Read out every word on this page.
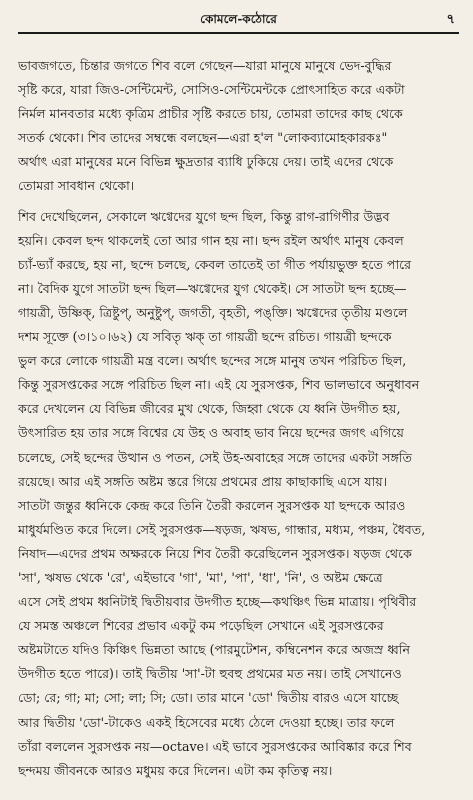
কোমলে-কঠোরে	৭

ভাবজগতে, চিন্তার জগতে শিব বলে গেছেন—যারা মানুষে মানুষে ভেদ-বুদ্ধির
সৃষ্টি করে, যারা জিও-সেন্টিমেন্ট, সোসিও-সেন্টিমেন্টকে প্রোৎসাহিত করে একটা
নির্মল মানবতার মধ্যে কৃত্রিম প্রাচীর সৃষ্টি করতে চায়, তোমরা তাদের কাছ থেকে
সতর্ক থেকো। শিব তাদের সম্বন্ধে বলছেন—এরা হ'ল "লোকব্যামোহকারকঃ"
অর্থাৎ এরা মানুষের মনে বিভিন্ন ক্ষুদ্রতার ব্যাধি ঢুকিয়ে দেয়। তাই এদের থেকে
তোমরা সাবধান থেকো।

শিব দেখেছিলেন, সেকালে ঋগ্বেদের যুগে ছন্দ ছিল, কিন্তু রাগ-রাগিণীর উদ্ভব
হয়নি। কেবল ছন্দ থাকলেই তো আর গান হয় না। ছন্দ রইল অর্থাৎ মানুষ কেবল
চ্যাঁ-ভ্যাঁ করছে, হয় না, ছন্দে চলছে, কেবল তাতেই তা গীত পর্যায়ভুক্ত হতে পারে
না। বৈদিক যুগে সাতটা ছন্দ ছিল—ঋগ্বেদের যুগ থেকেই। সে সাতটা ছন্দ হচ্ছে—
গায়ত্রী, উষ্ণিক্, ত্রিষ্টুপ্, অনুষ্টুপ্, জগতী, বৃহতী, পঙ্‌ক্তি। ঋগ্বেদের তৃতীয় মণ্ডলে
দশম সূক্তে (৩।১০।৬২) যে সবিতৃ ঋক্ তা গায়ত্রী ছন্দে রচিত। গায়ত্রী ছন্দকে
ভুল করে লোকে গায়ত্রী মন্ত্র বলে। অর্থাৎ ছন্দের সঙ্গে মানুষ তখন পরিচিত ছিল,
কিন্তু সুরসপ্তকের সঙ্গে পরিচিত ছিল না। এই যে সুরসপ্তক, শিব ভালভাবে অনুধাবন
করে দেখলেন যে বিভিন্ন জীবের মুখ থেকে, জিহ্বা থেকে যে ধ্বনি উদগীত হয়,
উৎসারিত হয় তার সঙ্গে বিশ্বের যে উহ ও অবাহ ভাব নিয়ে ছন্দের জগৎ এগিয়ে
চলেছে, সেই ছন্দের উত্থান ও পতন, সেই উহ-অবাহের সঙ্গে তাদের একটা সঙ্গতি
রয়েছে। আর এই সঙ্গতি অষ্টম স্তরে গিয়ে প্রথমের প্রায় কাছাকাছি এসে যায়।
সাতটা জন্তুর ধ্বনিকে কেন্দ্র করে তিনি তৈরী করলেন সুরসপ্তক যা ছন্দকে আরও
মাধুর্যমণ্ডিত করে দিলে। সেই সুরসপ্তক—ষড়জ, ঋষভ, গান্ধার, মধ্যম, পঞ্চম, ধৈবত,
নিষাদ—এদের প্রথম অক্ষরকে নিয়ে শিব তৈরী করেছিলেন সুরসপ্তক। ষড়জ থেকে
'সা', ঋষভ থেকে 'রে', এইভাবে 'গা', 'মা', 'পা', 'ধা', 'নি', ও অষ্টম ক্ষেত্রে
এসে সেই প্রথম ধ্বনিটাই দ্বিতীয়বার উদগীত হচ্ছে—কথঞ্চিৎ ভিন্ন মাত্রায়। পৃথিবীর
যে সমস্ত অঞ্চলে শিবের প্রভাব একটু কম পড়েছিল সেখানে এই সুরসপ্তকের
অষ্টমটাতে যদিও কিঞ্চিৎ ভিন্নতা আছে (পারমুটেশন, কম্বিনেশন করে অজস্র ধ্বনি
উদগীত হতে পারে)। তাই দ্বিতীয় 'সা'-টা হুবহু প্রথমের মত নয়। তাই সেখানেও
ডো; রে; গা; মা; সো; লা; সি; ডো। তার মানে 'ডো' দ্বিতীয় বারও এসে যাচ্ছে
আর দ্বিতীয় 'ডো'-টাকেও একই হিসেবের মধ্যে ঠেলে দেওয়া হচ্ছে। তার ফলে
তাঁরা বললেন সুরসপ্তক নয়—octave। এই ভাবে সুরসপ্তকের আবিষ্কার করে শিব
ছন্দময় জীবনকে আরও মধুময় করে দিলেন। এটা কম কৃতিত্ব নয়।
